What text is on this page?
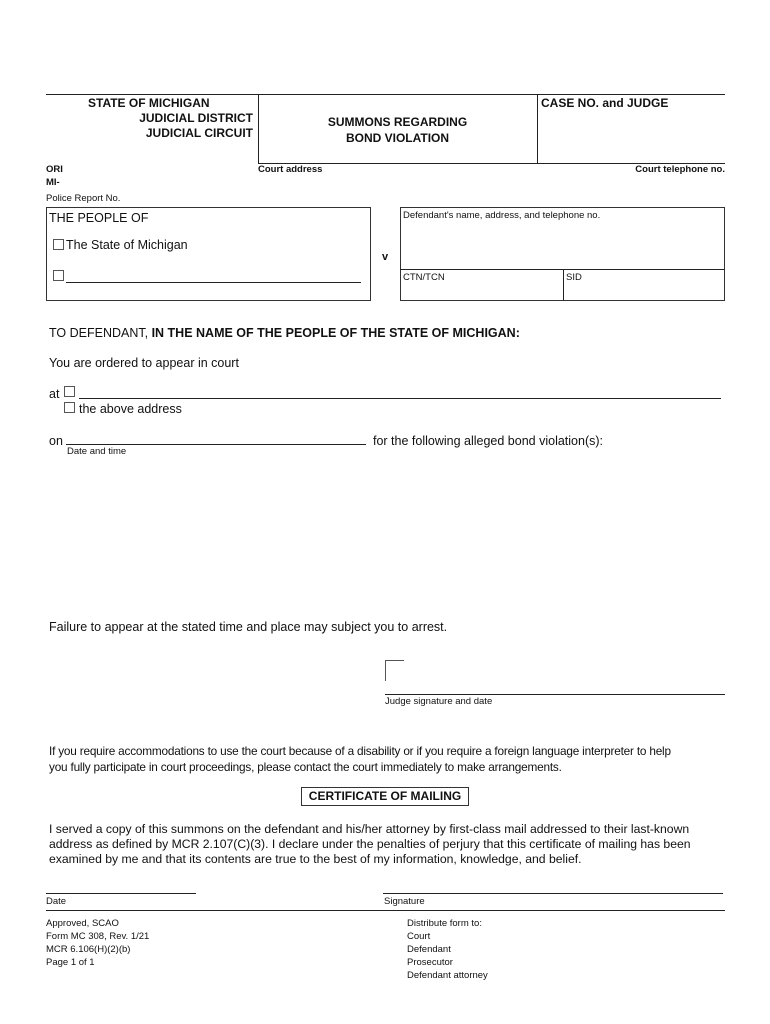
STATE OF MICHIGAN
JUDICIAL DISTRICT
JUDICIAL CIRCUIT
SUMMONS REGARDING
BOND VIOLATION
CASE NO. and JUDGE
ORI
MI-
Court address	Court telephone no.
Police Report No.
THE PEOPLE OF
The State of Michigan
v
Defendant's name, address, and telephone no.
CTN/TCN	SID
TO DEFENDANT, IN THE NAME OF THE PEOPLE OF THE STATE OF MICHIGAN:
You are ordered to appear in court
at
the above address
on
Date and time
for the following alleged bond violation(s):
Failure to appear at the stated time and place may subject you to arrest.
Judge signature and date
If you require accommodations to use the court because of a disability or if you require a foreign language interpreter to help
you fully participate in court proceedings, please contact the court immediately to make arrangements.
CERTIFICATE OF MAILING
I served a copy of this summons on the defendant and his/her attorney by first-class mail addressed to their last-known
address as defined by MCR 2.107(C)(3). I declare under the penalties of perjury that this certificate of mailing has been
examined by me and that its contents are true to the best of my information, knowledge, and belief.
Date	Signature
Approved, SCAO
Form MC 308, Rev. 1/21
MCR 6.106(H)(2)(b)
Page 1 of 1
Distribute form to:
Court
Defendant
Prosecutor
Defendant attorney
